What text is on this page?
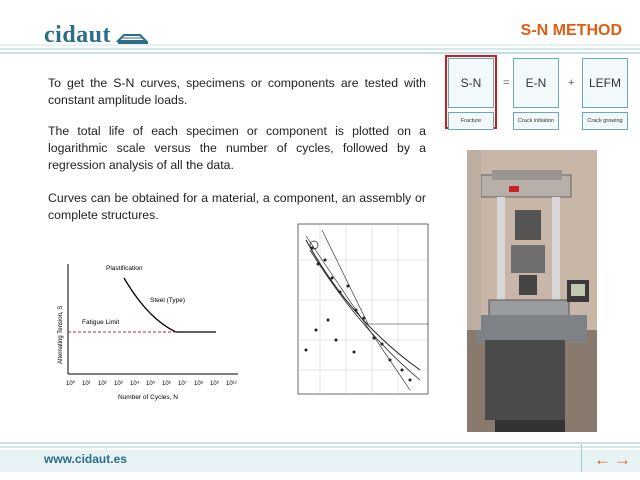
cidaut	S-N METHOD
To get the S-N curves, specimens or components are tested with constant amplitude loads.
The total life of each specimen or component is plotted on a logarithmic scale versus the number of cycles, followed by a regression analysis of all the data.
Curves can be obtained for a material, a component, an assembly or complete structures.
S-N
Fracture
=	E-N
Crack initiation
+	LEFM
Crack growing
Plastification
Steel (Type)
Fatigue Limit
Alternating Tension, S
Number of Cycles, N
10⁰ 10¹ 10² 10³ 10⁴ 10⁵ 10⁶ 10⁷ 10⁸ 10⁹ 10¹²
www.cidaut.es	← →
